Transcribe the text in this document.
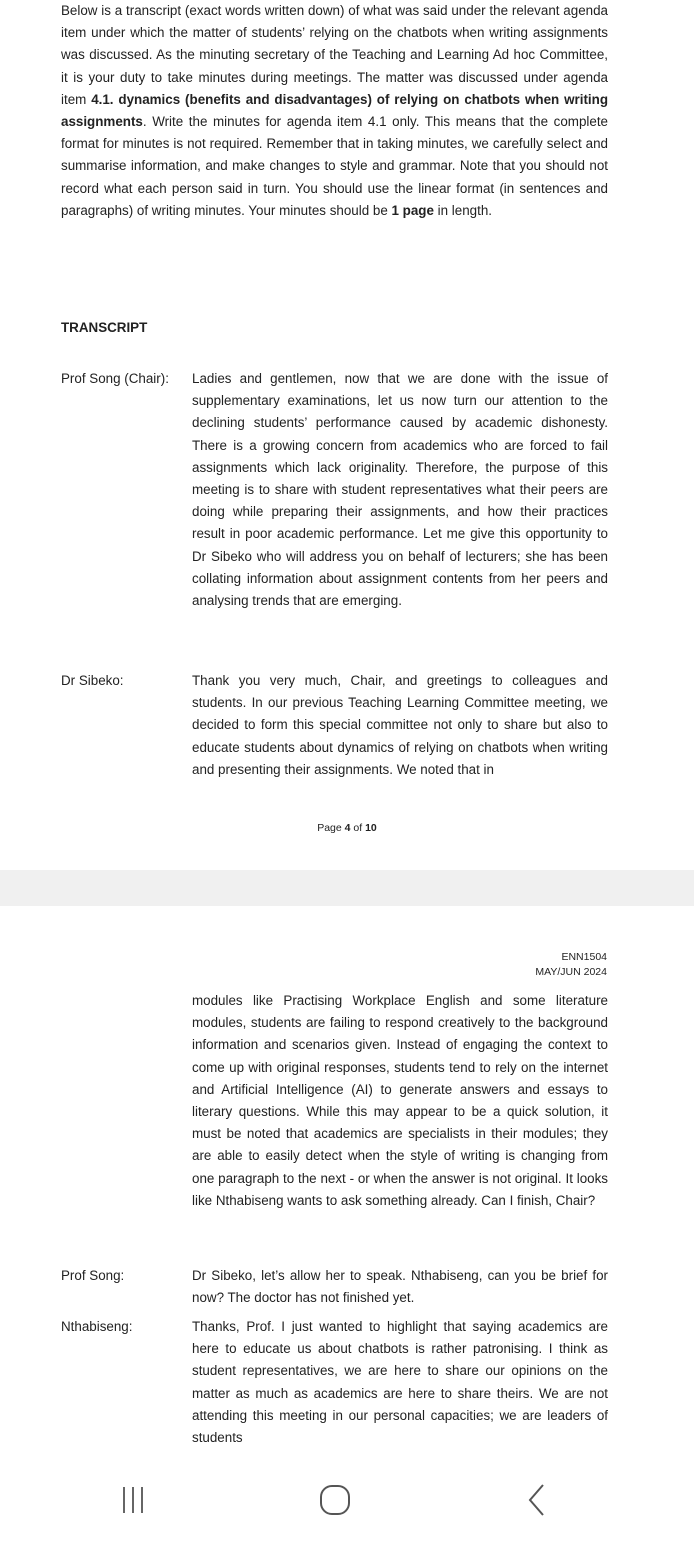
Below is a transcript (exact words written down) of what was said under the relevant agenda item under which the matter of students’ relying on the chatbots when writing assignments was discussed. As the minuting secretary of the Teaching and Learning Ad hoc Committee, it is your duty to take minutes during meetings. The matter was discussed under agenda item 4.1. dynamics (benefits and disadvantages) of relying on chatbots when writing assignments. Write the minutes for agenda item 4.1 only. This means that the complete format for minutes is not required. Remember that in taking minutes, we carefully select and summarise information, and make changes to style and grammar. Note that you should not record what each person said in turn. You should use the linear format (in sentences and paragraphs) of writing minutes. Your minutes should be 1 page in length.

TRANSCRIPT
Prof Song (Chair):	Ladies and gentlemen, now that we are done with the issue of supplementary examinations, let us now turn our attention to the declining students’ performance caused by academic dishonesty. There is a growing concern from academics who are forced to fail assignments which lack originality. Therefore, the purpose of this meeting is to share with student representatives what their peers are doing while preparing their assignments, and how their practices result in poor academic performance. Let me give this opportunity to Dr Sibeko who will address you on behalf of lecturers; she has been collating information about assignment contents from her peers and analysing trends that are emerging.

Dr Sibeko:	Thank you very much, Chair, and greetings to colleagues and students. In our previous Teaching Learning Committee meeting, we decided to form this special committee not only to share but also to educate students about dynamics of relying on chatbots when writing and presenting their assignments. We noted that in

Page 4 of 10
ENN1504
MAY/JUN 2024

modules like Practising Workplace English and some literature modules, students are failing to respond creatively to the background information and scenarios given. Instead of engaging the context to come up with original responses, students tend to rely on the internet and Artificial Intelligence (AI) to generate answers and essays to literary questions. While this may appear to be a quick solution, it must be noted that academics are specialists in their modules; they are able to easily detect when the style of writing is changing from one paragraph to the next - or when the answer is not original. It looks like Nthabiseng wants to ask something already. Can I finish, Chair?

Prof Song:	Dr Sibeko, let’s allow her to speak. Nthabiseng, can you be brief for now? The doctor has not finished yet.

Nthabiseng:	Thanks, Prof. I just wanted to highlight that saying academics are here to educate us about chatbots is rather patronising. I think as student representatives, we are here to share our opinions on the matter as much as academics are here to share theirs. We are not attending this meeting in our personal capacities; we are leaders of students
